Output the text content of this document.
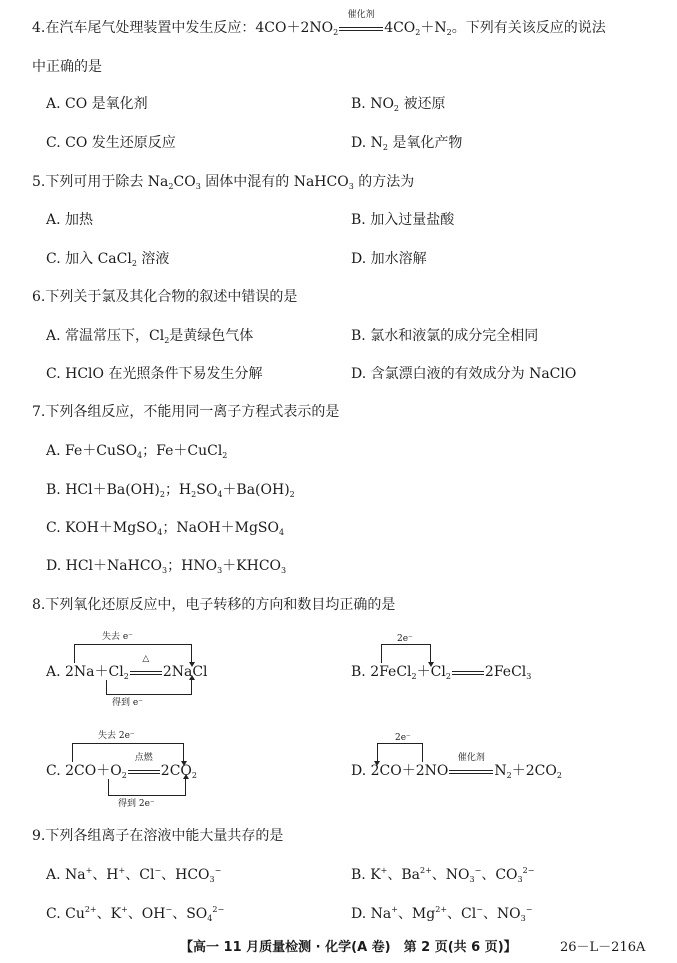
4.在汽车尾气处理装置中发生反应：$4CO+2NO_2$
催化剂
$4CO_2+N_2$。下列有关该反应的说法
中正确的是
A. CO 是氧化剂	B. $NO_2$ 被还原
C. CO 发生还原反应	D. $N_2$ 是氧化产物
5.下列可用于除去 $Na_2CO_3$ 固体中混有的 NaHCO$_3$ 的方法为
A. 加热	B. 加入过量盐酸
C. 加入 CaCl$_2$ 溶液	D. 加水溶解
6.下列关于氯及其化合物的叙述中错误的是
A. 常温常压下，$Cl_2$是黄绿色气体	B. 氯水和液氯的成分完全相同
C. HClO 在光照条件下易发生分解	D. 含氯漂白液的有效成分为 NaClO
7.下列各组反应，不能用同一离子方程式表示的是
A. Fe＋CuSO$_4$；Fe＋CuCl$_2$
B. $HCl+Ba(OH)_2$；$H_2SO_4+Ba(OH)_2$
C. KOH＋MgSO$_4$；NaOH＋MgSO$_4$
D. HCl＋NaHCO$_3$；$HNO_3+KHCO_3$
8.下列氧化还原反应中，电子转移的方向和数目均正确的是
失去 e⁻
A. $2Na+Cl_2$
△
2NaCl
得到 e⁻
2e⁻
B. $2FeCl_2+Cl_2$ 2FeCl$_3$
失去 2e⁻
C. $2CO+O_2$
点燃
$2CO_2$
得到 2e⁻
2e⁻
D. 2CO＋2NO
催化剂
$N_2+2CO_2$
9.下列各组离子在溶液中能大量共存的是
A. Na+、H+、Cl−、$HCO_3^-$	B. K+、$Ba^{2+}$、$NO_3^-$、$CO_3^{2-}$
C. $Cu^{2+}$、K+、OH−、$SO_4^{2-}$	D. Na+、$Mg^{2+}$、Cl−、$NO_3^-$
【高一 11 月质量检测 · 化学(A 卷)　第 2 页(共 6 页)】	26－L－216A
